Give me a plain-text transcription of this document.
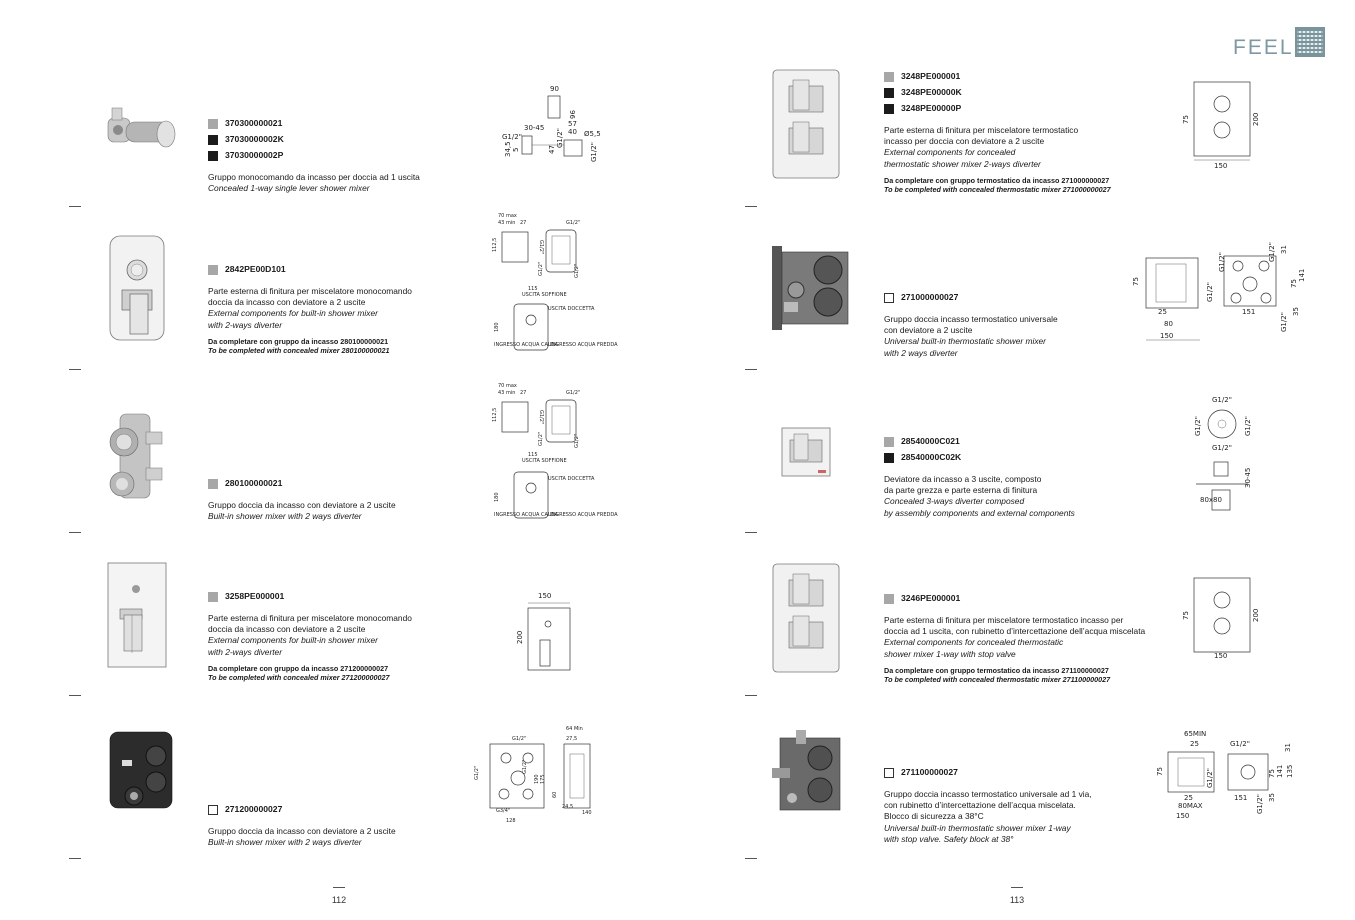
FEEL
112	113
370300000021
37030000002K
37030000002P

Gruppo monocomando da incasso per doccia ad 1 uscita

Concealed 1-way single lever shower mixer

90
96
30-45	57
40
G1/2"
34,5 5	47
G1/2"	Ø5,5
G1/2"
2842PE00D101

Parte esterna di finitura per miscelatore monocomando

doccia da incasso con deviatore a 2 uscite

External components for built-in shower mixer

with 2-ways diverter

Da completare con gruppo da incasso 280100000021

To be completed with concealed mixer 280100000021

70 max
43 min 27	G1/2"
112,5	G1/2"
G1/2"	G1/2"
115
USCITA SOFFIONE
USCITA DOCCETTA
180
INGRESSO ACQUA CALDA
INGRESSO ACQUA FREDDA
280100000021

Gruppo doccia da incasso con deviatore a 2 uscite

Built-in shower mixer with 2 ways diverter

70 max
43 min 27	G1/2"
112,5	G1/2"
G1/2"	G1/2"
115
USCITA SOFFIONE
USCITA DOCCETTA
180
INGRESSO ACQUA CALDA
INGRESSO ACQUA FREDDA
3258PE000001

Parte esterna di finitura per miscelatore monocomando

doccia da incasso con deviatore a 2 uscite

External components for built-in shower mixer

with 2-ways diverter

Da completare con gruppo da incasso 271200000027

To be completed with concealed mixer 271200000027

150
200
271200000027

Gruppo doccia da incasso con deviatore a 2 uscite

Built-in shower mixer with 2 ways diverter

G1/2"
G1/2"	G1/2"
190 175
G3/4"
128
64 Min
27,5
60
24,5
140
3248PE000001
3248PE00000K
3248PE00000P

Parte esterna di finitura per miscelatore termostatico

incasso per doccia con deviatore a 2 uscite

External components for concealed

thermostatic shower mixer 2-ways diverter

Da completare con gruppo termostatico da incasso 271000000027

To be completed with concealed thermostatic mixer 271000000027

75	200
150
271000000027

Gruppo doccia incasso termostatico universale

con deviatore a 2 uscite

Universal built-in thermostatic shower mixer

with 2 ways diverter

75
25
80
150
G1/2"
G1/2"
G1/2" 31
75
141
151
G1/2"
35
28540000C021
28540000C02K

Deviatore da incasso a 3 uscite, composto

da parte grezza e parte esterna di finitura

Concealed 3-ways diverter composed

by assembly components and external components

G1/2"
G1/2"	G1/2"
G1/2"
30-45
80x80
3246PE000001

Parte esterna di finitura per miscelatore termostatico incasso per

doccia ad 1 uscita, con rubinetto d’intercettazione dell’acqua miscelata

External components for concealed thermostatic

shower mixer 1-way with stop valve

Da completare con gruppo termostatico da incasso 271100000027

To be completed with concealed thermostatic mixer 271100000027

75	200
150
271100000027

Gruppo doccia incasso termostatico universale ad 1 via,

con rubinetto d’intercettazione dell’acqua miscelata.

Blocco di sicurezza a 38°C

Universal built-in thermostatic shower mixer 1-way

with stop valve. Safety block at 38°

65MIN
25
75	G1/2"
G1/2"	31
75 141 135
25
80MAX
150
151 G1/2" 35
